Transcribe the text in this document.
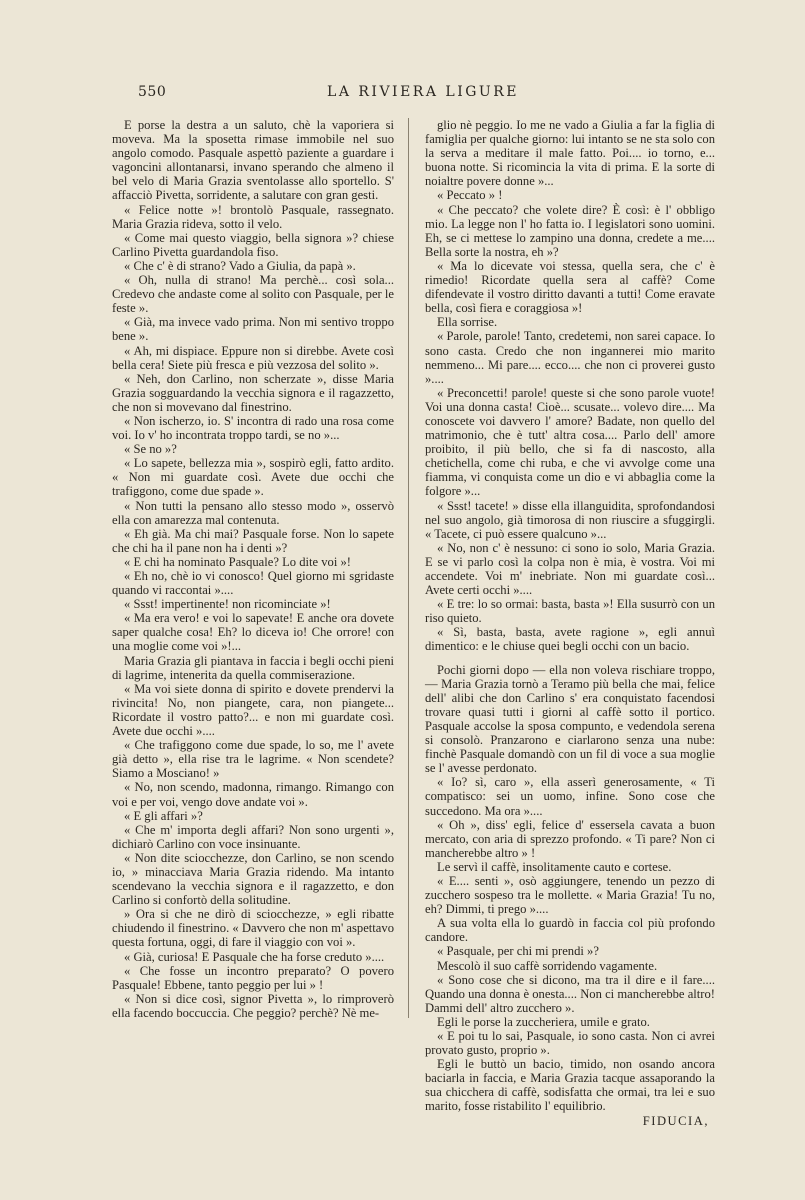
550	LA RIVIERA LIGURE

E porse la destra a un saluto, chè la vaporiera si moveva. Ma la sposetta rimase immobile nel suo angolo comodo. Pasquale aspettò paziente a guardare i vagoncini allontanarsi, invano sperando che almeno il bel velo di Maria Grazia sventolasse allo sportello. S' affacciò Pivetta, sorridente, a salutare con gran gesti.

« Felice notte »! brontolò Pasquale, rassegnato. Maria Grazia rideva, sotto il velo.

« Come mai questo viaggio, bella signora »? chiese Carlino Pivetta guardandola fiso.

« Che c' è di strano? Vado a Giulia, da papà ».

« Oh, nulla di strano! Ma perchè... così sola... Credevo che andaste come al solito con Pasquale, per le feste ».

« Già, ma invece vado prima. Non mi sentivo troppo bene ».

« Ah, mi dispiace. Eppure non si direbbe. Avete così bella cera! Siete più fresca e più vezzosa del solito ».

« Neh, don Carlino, non scherzate », disse Maria Grazia sogguardando la vecchia signora e il ragazzetto, che non si movevano dal finestrino.

« Non ischerzo, io. S' incontra di rado una rosa come voi. Io v' ho incontrata troppo tardi, se no »...

« Se no »?

« Lo sapete, bellezza mia », sospirò egli, fatto ardito. « Non mi guardate così. Avete due occhi che trafiggono, come due spade ».

« Non tutti la pensano allo stesso modo », osservò ella con amarezza mal contenuta.

« Eh già. Ma chi mai? Pasquale forse. Non lo sapete che chi ha il pane non ha i denti »?

« E chi ha nominato Pasquale? Lo dite voi »!

« Eh no, chè io vi conosco! Quel giorno mi sgridaste quando vi raccontai »....

« Ssst! impertinente! non ricominciate »!

« Ma era vero! e voi lo sapevate! E anche ora dovete saper qualche cosa! Eh? lo diceva io! Che orrore! con una moglie come voi »!...

Maria Grazia gli piantava in faccia i begli occhi pieni di lagrime, intenerita da quella commiserazione.

« Ma voi siete donna di spirito e dovete prendervi la rivincita! No, non piangete, cara, non piangete... Ricordate il vostro patto?... e non mi guardate così. Avete due occhi »....

« Che trafiggono come due spade, lo so, me l' avete già detto », ella rise tra le lagrime. « Non scendete? Siamo a Mosciano! »

« No, non scendo, madonna, rimango. Rimango con voi e per voi, vengo dove andate voi ».

« E gli affari »?

« Che m' importa degli affari? Non sono urgenti », dichiarò Carlino con voce insinuante.

« Non dite sciocchezze, don Carlino, se non scendo io, » minacciava Maria Grazia ridendo. Ma intanto scendevano la vecchia signora e il ragazzetto, e don Carlino si confortò della solitudine.

» Ora si che ne dirò di sciocchezze, » egli ribatte chiudendo il finestrino. « Davvero che non m' aspettavo questa fortuna, oggi, di fare il viaggio con voi ».

« Già, curiosa! E Pasquale che ha forse creduto »....

« Che fosse un incontro preparato? O povero Pasquale! Ebbene, tanto peggio per lui » !

« Non si dice così, signor Pivetta », lo rimproverò ella facendo boccuccia. Che peggio? perchè? Nè me-

glio nè peggio. Io me ne vado a Giulia a far la figlia di famiglia per qualche giorno: lui intanto se ne sta solo con la serva a meditare il male fatto. Poi.... io torno, e... buona notte. Si ricomincia la vita di prima. E la sorte di noialtre povere donne »...

« Peccato » !

« Che peccato? che volete dire? È così: è l' obbligo mio. La legge non l' ho fatta io. I legislatori sono uomini. Eh, se ci mettese lo zampino una donna, credete a me.... Bella sorte la nostra, eh »?

« Ma lo dicevate voi stessa, quella sera, che c' è rimedio! Ricordate quella sera al caffè? Come difendevate il vostro diritto davanti a tutti! Come eravate bella, così fiera e coraggiosa »!

Ella sorrise.

« Parole, parole! Tanto, credetemi, non sarei capace. Io sono casta. Credo che non ingannerei mio marito nemmeno... Mi pare.... ecco.... che non ci proverei gusto »....

« Preconcetti! parole! queste si che sono parole vuote! Voi una donna casta! Cioè... scusate... volevo dire.... Ma conoscete voi davvero l' amore? Badate, non quello del matrimonio, che è tutt' altra cosa.... Parlo dell' amore proibito, il più bello, che si fa di nascosto, alla chetichella, come chi ruba, e che vi avvolge come una fiamma, vi conquista come un dio e vi abbaglia come la folgore »...

« Ssst! tacete! » disse ella illanguidita, sprofondandosi nel suo angolo, già timorosa di non riuscire a sfuggirgli. « Tacete, ci può essere qualcuno »...

« No, non c' è nessuno: ci sono io solo, Maria Grazia. E se vi parlo così la colpa non è mia, è vostra. Voi mi accendete. Voi m' inebriate. Non mi guardate così... Avete certi occhi »....

« E tre: lo so ormai: basta, basta »! Ella susurrò con un riso quieto.

« Sì, basta, basta, avete ragione », egli annuì dimentico: e le chiuse quei begli occhi con un bacio.

Pochi giorni dopo — ella non voleva rischiare troppo, — Maria Grazia tornò a Teramo più bella che mai, felice dell' alibi che don Carlino s' era conquistato facendosi trovare quasi tutti i giorni al caffè sotto il portico. Pasquale accolse la sposa compunto, e vedendola serena si consolò. Pranzarono e ciarlarono senza una nube: finchè Pasquale domandò con un fil di voce a sua moglie se l' avesse perdonato.

« Io? sì, caro », ella asserì generosamente, « Ti compatisco: sei un uomo, infine. Sono cose che succedono. Ma ora »....

« Oh », diss' egli, felice d' essersela cavata a buon mercato, con aria di sprezzo profondo. « Ti pare? Non ci mancherebbe altro » !

Le servì il caffè, insolitamente cauto e cortese.

« E.... senti », osò aggiungere, tenendo un pezzo di zucchero sospeso tra le mollette. « Maria Grazia! Tu no, eh? Dimmi, ti prego »....

A sua volta ella lo guardò in faccia col più profondo candore.

« Pasquale, per chi mi prendi »?

Mescolò il suo caffè sorridendo vagamente.

« Sono cose che si dicono, ma tra il dire e il fare.... Quando una donna è onesta.... Non ci mancherebbe altro! Dammi dell' altro zucchero ».

Egli le porse la zuccheriera, umile e grato.

« E poi tu lo sai, Pasquale, io sono casta. Non ci avrei provato gusto, proprio ».

Egli le buttò un bacio, timido, non osando ancora baciarla in faccia, e Maria Grazia tacque assaporando la sua chicchera di caffè, sodisfatta che ormai, tra lei e suo marito, fosse ristabilito l' equilibrio.

FIDUCIA,
